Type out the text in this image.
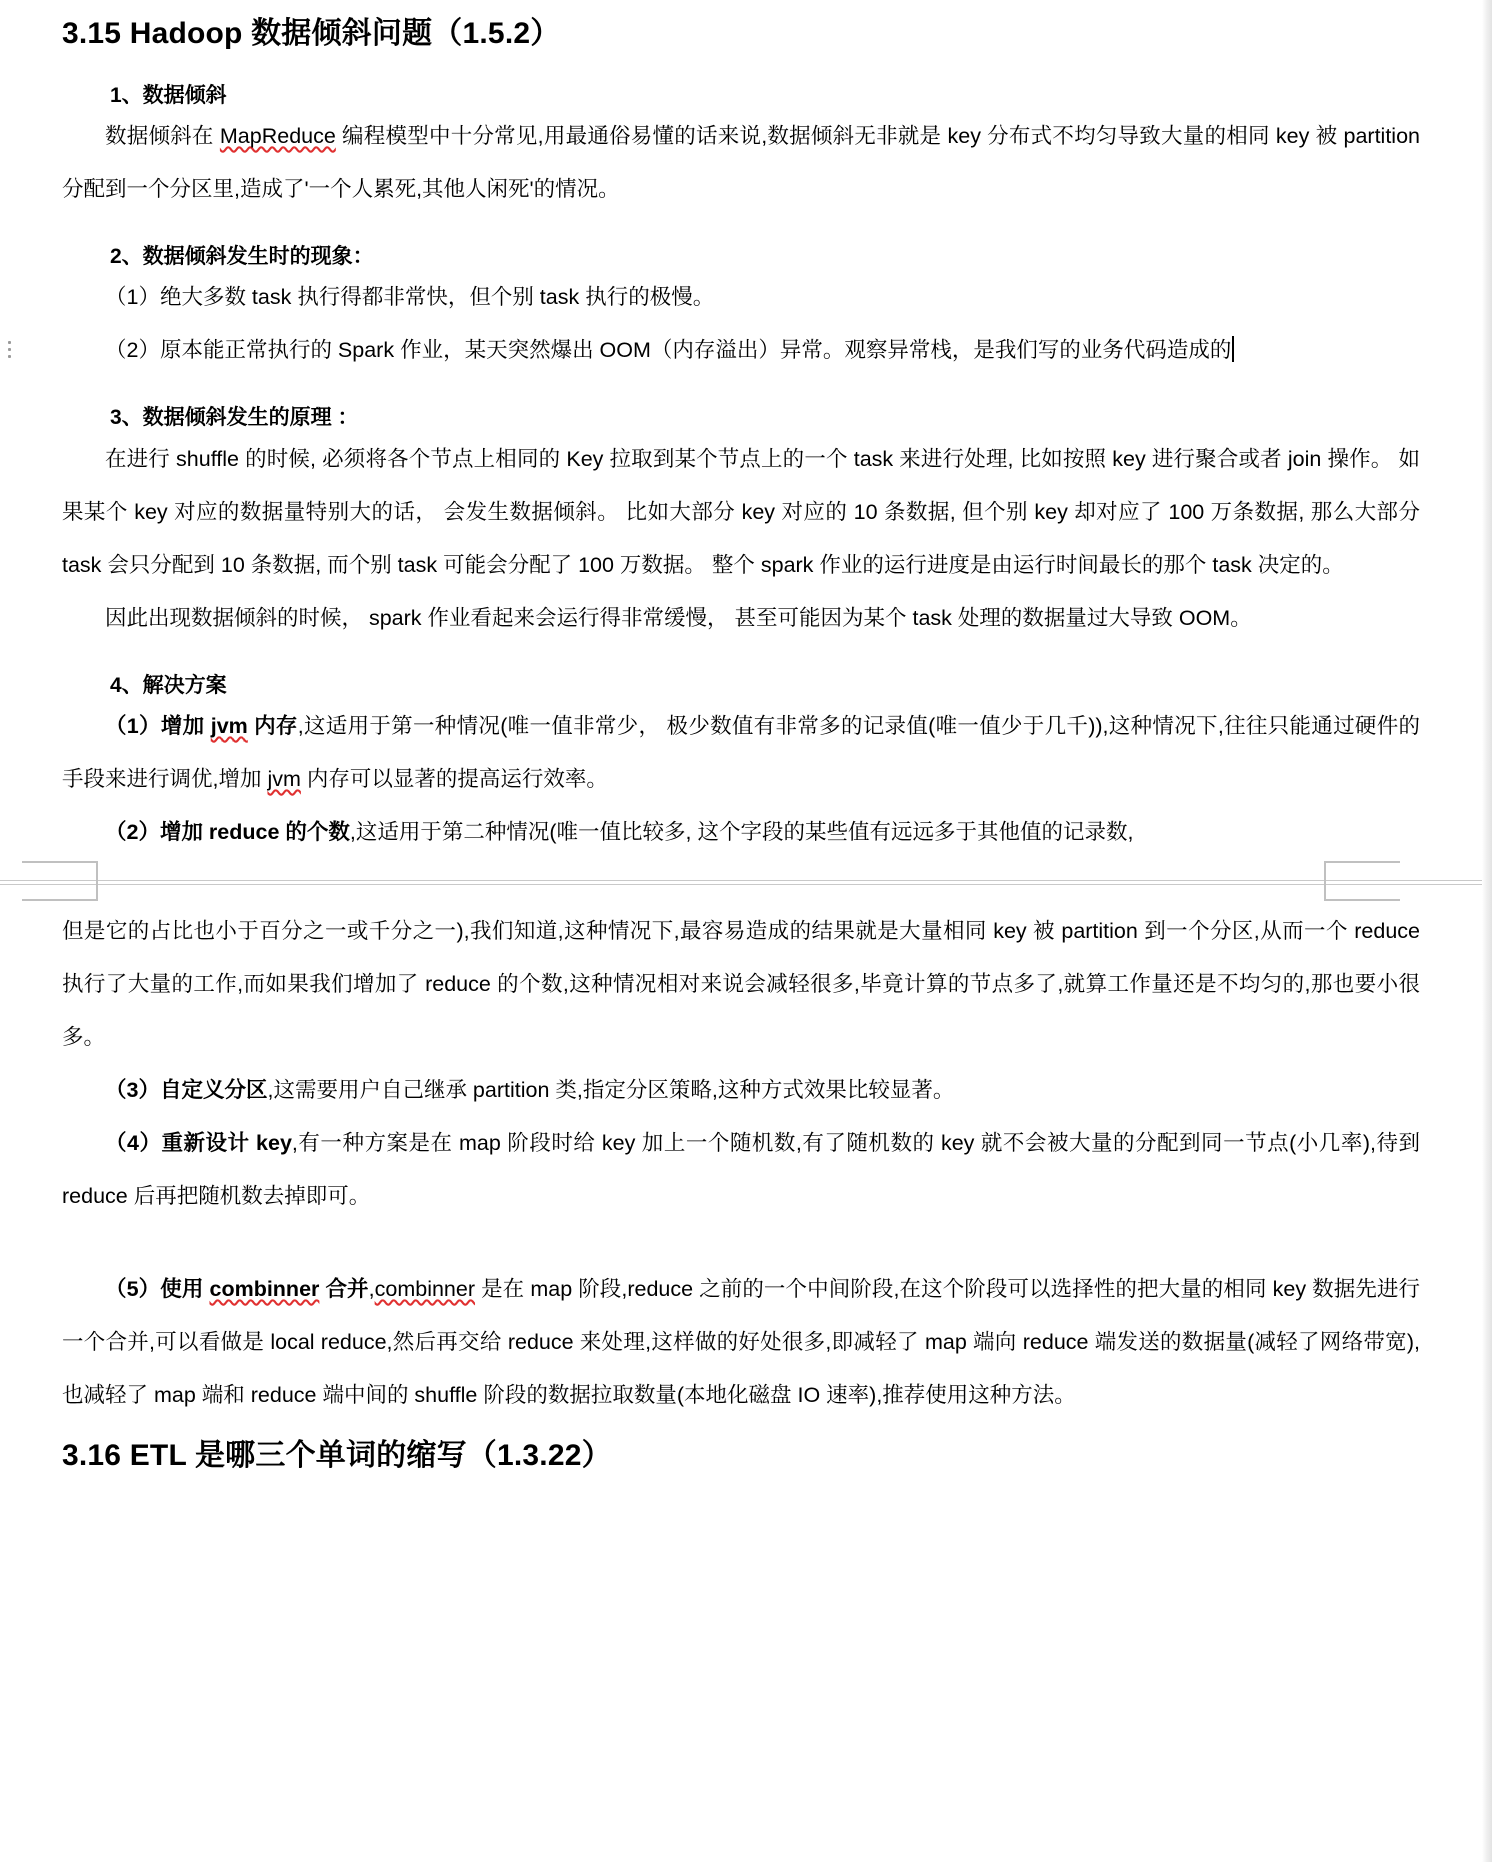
3.15 Hadoop 数据倾斜问题（1.5.2）
1、数据倾斜

数据倾斜在 MapReduce 编程模型中十分常见,用最通俗易懂的话来说,数据倾斜无非就是 key 分布式不均匀导致大量的相同 key 被 partition 分配到一个分区里,造成了'一个人累死,其他人闲死'的情况。

2、数据倾斜发生时的现象：

（1）绝大多数 task 执行得都非常快，但个别 task 执行的极慢。

（2）原本能正常执行的 Spark 作业，某天突然爆出 OOM（内存溢出）异常。观察异常栈，是我们写的业务代码造成的

3、数据倾斜发生的原理 ：

在进行 shuffle 的时候, 必须将各个节点上相同的 Key 拉取到某个节点上的一个 task 来进行处理, 比如按照 key 进行聚合或者 join 操作。 如果某个 key 对应的数据量特别大的话， 会发生数据倾斜。 比如大部分 key 对应的 10 条数据, 但个别 key 却对应了 100 万条数据, 那么大部分 task 会只分配到 10 条数据, 而个别 task 可能会分配了 100 万数据。 整个 spark 作业的运行进度是由运行时间最长的那个 task 决定的。

因此出现数据倾斜的时候， spark 作业看起来会运行得非常缓慢， 甚至可能因为某个 task 处理的数据量过大导致 OOM。

4、解决方案

（1）增加 jvm 内存,这适用于第一种情况(唯一值非常少， 极少数值有非常多的记录值(唯一值少于几千)),这种情况下,往往只能通过硬件的手段来进行调优,增加 jvm 内存可以显著的提高运行效率。

（2）增加 reduce 的个数,这适用于第二种情况(唯一值比较多, 这个字段的某些值有远远多于其他值的记录数,

但是它的占比也小于百分之一或千分之一),我们知道,这种情况下,最容易造成的结果就是大量相同 key 被 partition 到一个分区,从而一个 reduce 执行了大量的工作,而如果我们增加了 reduce 的个数,这种情况相对来说会减轻很多,毕竟计算的节点多了,就算工作量还是不均匀的,那也要小很多。

（3）自定义分区,这需要用户自己继承 partition 类,指定分区策略,这种方式效果比较显著。

（4）重新设计 key,有一种方案是在 map 阶段时给 key 加上一个随机数,有了随机数的 key 就不会被大量的分配到同一节点(小几率),待到 reduce 后再把随机数去掉即可。

（5）使用 combinner 合并,combinner 是在 map 阶段,reduce 之前的一个中间阶段,在这个阶段可以选择性的把大量的相同 key 数据先进行一个合并,可以看做是 local reduce,然后再交给 reduce 来处理,这样做的好处很多,即减轻了 map 端向 reduce 端发送的数据量(减轻了网络带宽),也减轻了 map 端和 reduce 端中间的 shuffle 阶段的数据拉取数量(本地化磁盘 IO 速率),推荐使用这种方法。

3.16 ETL 是哪三个单词的缩写（1.3.22）
